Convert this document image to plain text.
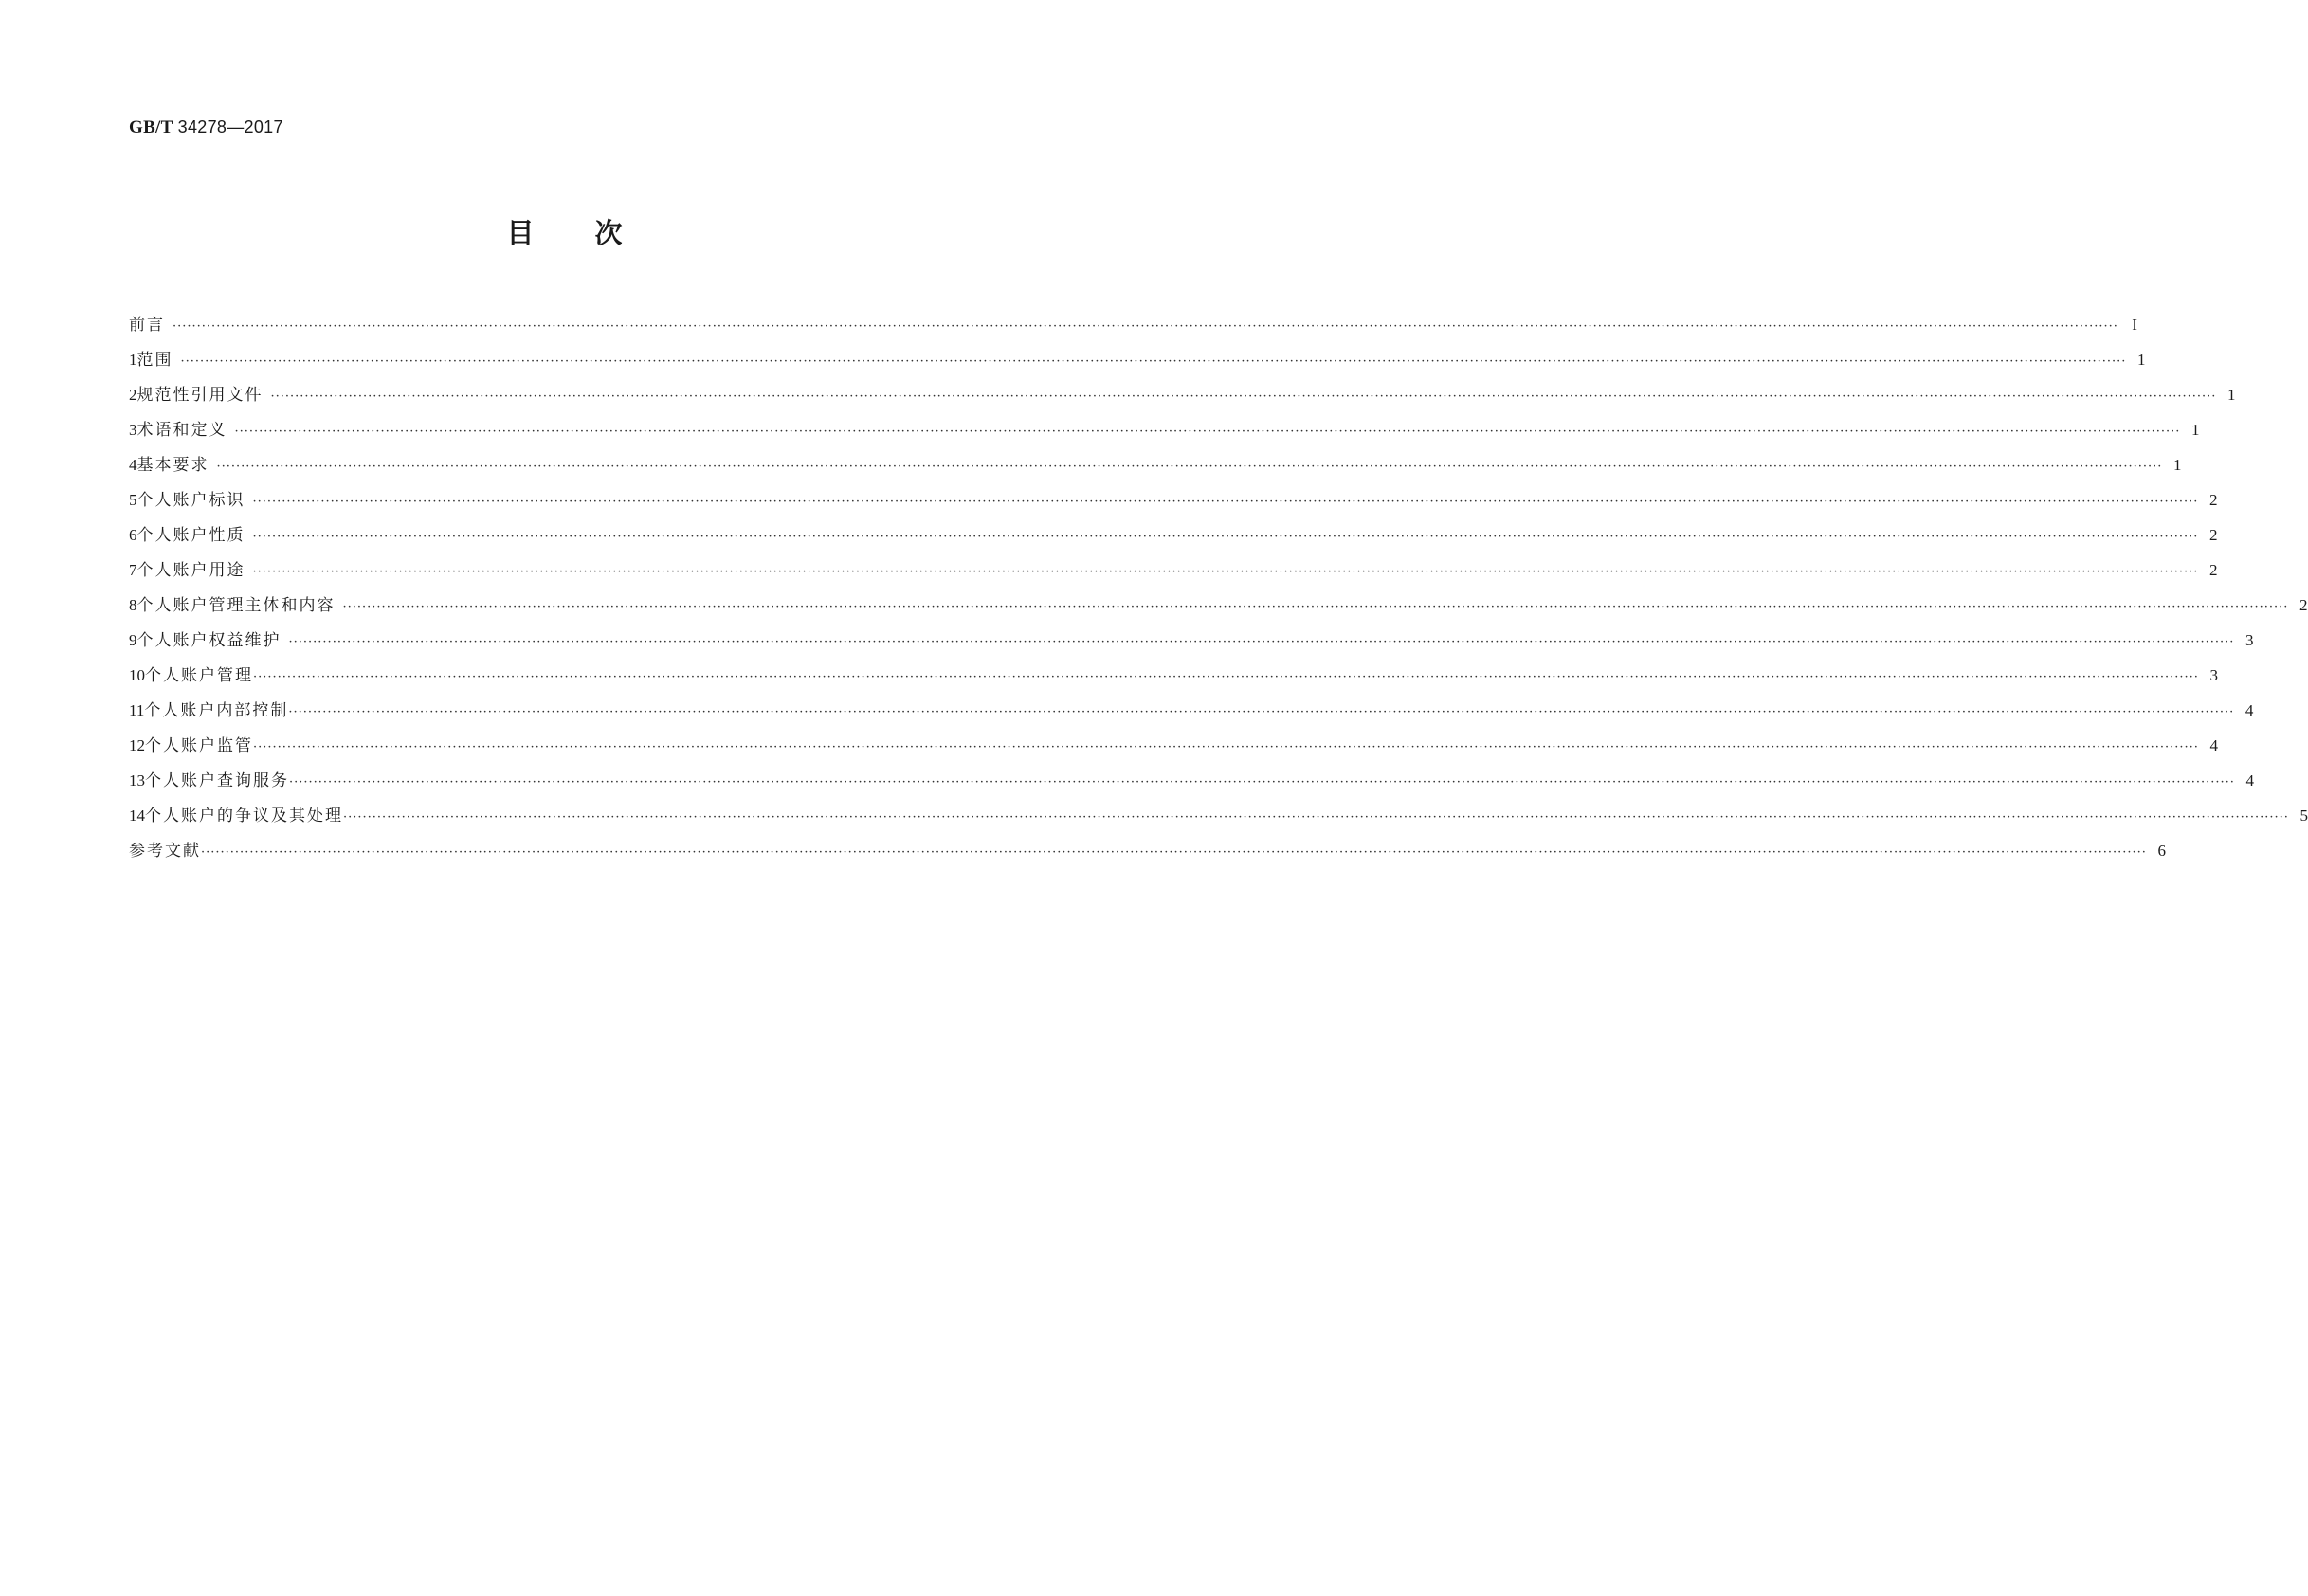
GB/T 34278—2017
目次
前言 ················································································································································································································································································································································································································ I
1 范围 ················································································································································································································································································································································································································ 1
2 规范性引用文件 ················································································································································································································································································································································································································ 1
3 术语和定义 ················································································································································································································································································································································································································ 1
4 基本要求 ················································································································································································································································································································································································································ 1
5 个人账户标识 ················································································································································································································································································································································································································ 2
6 个人账户性质 ················································································································································································································································································································································································································ 2
7 个人账户用途 ················································································································································································································································································································································································································ 2
8 个人账户管理主体和内容 ················································································································································································································································································································································································································ 2
9 个人账户权益维护 ················································································································································································································································································································································································································ 3
10 个人账户管理 ················································································································································································································································································································································································································ 3
11 个人账户内部控制 ················································································································································································································································································································································································································ 4
12 个人账户监管 ················································································································································································································································································································································································································ 4
13 个人账户查询服务 ················································································································································································································································································································································································································ 4
14 个人账户的争议及其处理 ················································································································································································································································································································································································································ 5
参考文献 ················································································································································································································································································································································································································ 6
